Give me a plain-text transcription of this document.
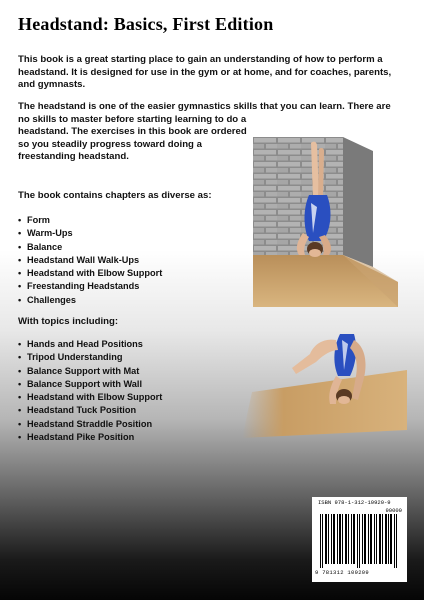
Headstand: Basics, First Edition

This book is a great starting place to gain an understanding of how to perform a headstand. It is designed for use in the gym or at home, and for coaches, parents, and gymnasts.

The headstand is one of the easier gymnastics skills that you can learn. There are
no skills to master before starting learning to do a headstand. The exercises in this book are ordered so you steadily progress toward doing a freestanding headstand.

The book contains chapters as diverse as:

• Form
• Warm-Ups
• Balance
• Headstand Wall Walk-Ups
• Headstand with Elbow Support
• Freestanding Headstands
• Challenges

With topics including:

• Hands and Head Positions
• Tripod Understanding
• Balance Support with Mat
• Balance Support with Wall
• Headstand with Elbow Support
• Headstand Tuck Position
• Headstand Straddle Position
• Headstand Pike Position
ISBN 978-1-312-10920-9
90000
9 781312 109209
